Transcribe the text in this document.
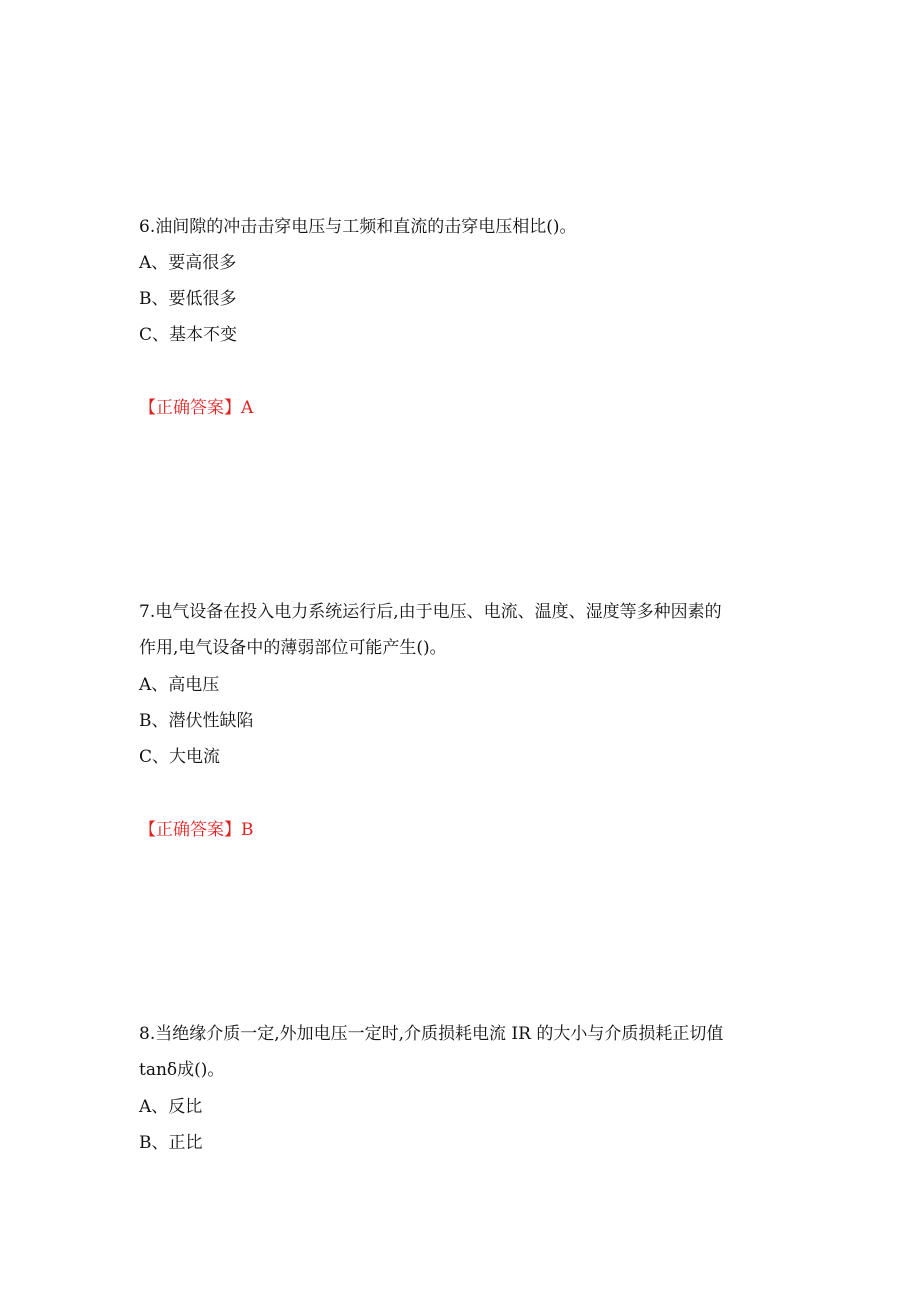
6.油间隙的冲击击穿电压与工频和直流的击穿电压相比()。
A、要高很多
B、要低很多
C、基本不变
【正确答案】A
7.电气设备在投入电力系统运行后,由于电压、电流、温度、湿度等多种因素的
作用,电气设备中的薄弱部位可能产生()。
A、高电压
B、潜伏性缺陷
C、大电流
【正确答案】B
8.当绝缘介质一定,外加电压一定时,介质损耗电流 IR 的大小与介质损耗正切值
tanδ成()。
A、反比
B、正比
